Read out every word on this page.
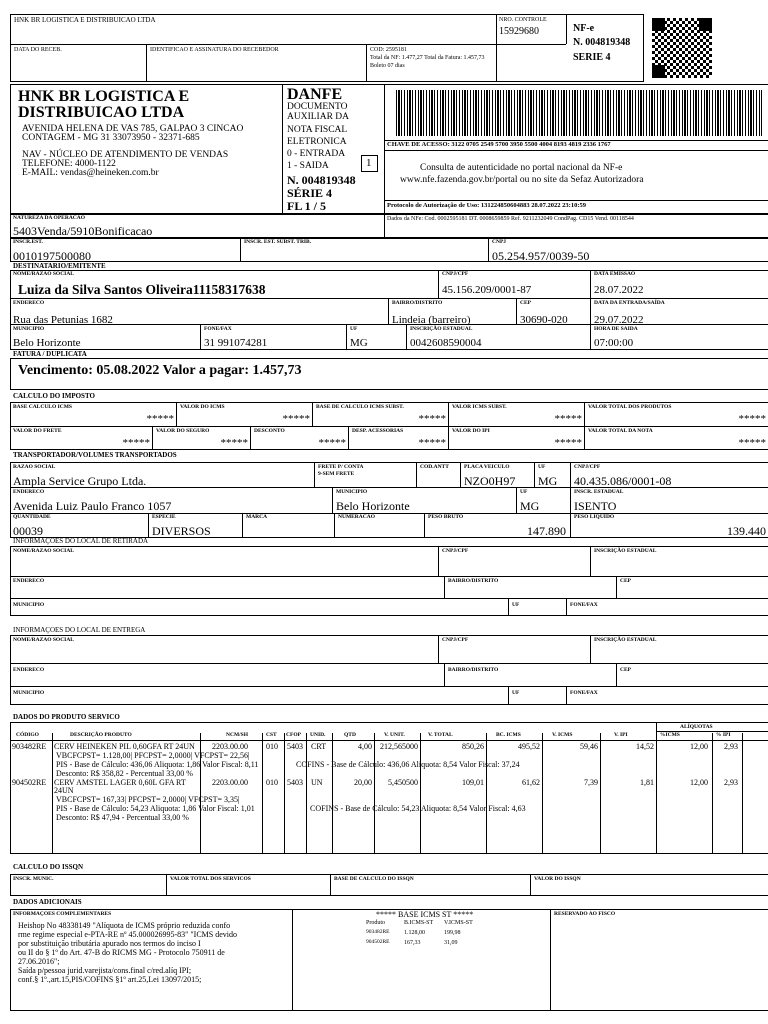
HNK BR LOGISTICA E DISTRIBUICAO LTDA	NRO. CONTROLE
15929680
DATA DO RECEB.	IDENTIFICAO E ASSINATURA DO RECEBEDOR	COD: 2595181
Total da NF: 1.477,27 Total da Fatura: 1.457,73
Boleto 07 dias
NF-e
N. 004819348
SERIE 4
HNK BR LOGISTICA E
DISTRIBUICAO LTDA
AVENIDA HELENA DE VAS 785, GALPAO 3 CINCAO
CONTAGEM - MG 31 33073950 - 32371-685
NAV - NÚCLEO DE ATENDIMENTO DE VENDAS
TELEFONE: 4000-1122
E-MAIL: vendas@heineken.com.br
DANFE
DOCUMENTO
AUXILIAR DA
NOTA FISCAL
ELETRONICA
0 - ENTRADA
1 - SAIDA	1
N. 004819348
SÉRIE 4
FL 1 / 5
CHAVE DE ACESSO: 3122 0705 2549 5700 3950 5500 4004 8193 4819 2336 1767
Consulta de autenticidade no portal nacional da NF-e
www.nfe.fazenda.gov.br/portal ou no site da Sefaz Autorizadora
Protocolo de Autorização de Uso: 131224850604883 28.07.2022 23:10:59
NATUREZA DA OPERACAO
5403Venda/5910Bonificacao
Dados da NFe: Cod. 0002595181 DT. 0008659859 Ref. 9211232049 CondPag. CD15 Vend. 00118544
INSCR.EST.
0010197500080
INSCR. EST. SUBST. TRIB.	CNPJ
05.254.957/0039-50
DESTINATARIO/EMITENTE
NOME/RAZAO SOCIAL
Luiza da Silva Santos Oliveira11158317638
CNPJ/CPF
45.156.209/0001-87
DATA EMISSAO
28.07.2022
ENDERECO
Rua das Petunias 1682
BAIRRO/DISTRITO
Lindeia (barreiro)
CEP
30690-020
DATA DA ENTRADA/SAÍDA
29.07.2022
MUNICIPIO
Belo Horizonte
FONE/FAX
31 991074281
UF
MG
INSCRIÇÃO ESTADUAL
0042608590004
HORA DE SAIDA
07:00:00
FATURA / DUPLICATA
Vencimento: 05.08.2022 Valor a pagar: 1.457,73
CALCULO DO IMPOSTO
BASE CALCULO ICMS
*****
VALOR DO ICMS
*****
BASE DE CALCULO ICMS SUBST.
*****
VALOR ICMS SUBST.
*****
VALOR TOTAL DOS PRODUTOS
*****
VALOR DO FRETE
*****
VALOR DO SEGURO
*****
DESCONTO
*****
DESP. ACESSORIAS
*****
VALOR DO IPI
*****
VALOR TOTAL DA NOTA
*****
TRANSPORTADOR/VOLUMES TRANSPORTADOS
RAZAO SOCIAL
Ampla Service Grupo Ltda.
FRETE P/ CONTA
9-SEM FRETE
COD.ANTT	PLACA VEICULO
NZO0H97
UF
MG
CNPJ/CPF
40.435.086/0001-08
ENDERECO
Avenida Luiz Paulo Franco 1057
MUNICIPIO
Belo Horizonte
UF
MG
INSCR. ESTADUAL
ISENTO
QUANTIDADE
00039
ESPECIE
DIVERSOS
MARCA	NUMERACAO	PESO BRUTO
147.890
PESO LIQUIDO
139.440
INFORMAÇOES DO LOCAL DE RETIRADA
NOME/RAZAO SOCIAL	CNPJ/CPF	INSCRIÇÃO ESTADUAL
ENDERECO	BAIRRO/DISTRITO	CEP
MUNICIPIO	UF	FONE/FAX
INFORMAÇOES DO LOCAL DE ENTREGA
NOME/RAZAO SOCIAL	CNPJ/CPF	INSCRIÇÃO ESTADUAL
ENDERECO	BAIRRO/DISTRITO	CEP
MUNICIPIO	UF	FONE/FAX
DADOS DO PRODUTO SERVICO
ALÍQUOTAS
CÓDIGO	DESCRIÇÃO PRODUTO	NCM/SH	CST CFOP UNID.	QTD	V. UNIT.	V. TOTAL	BC. ICMS	V. ICMS	V. IPI	%ICMS	% IPI
903482RE CERV HEINEKEN PIL 0,60GFA RT 24UN 2203.00.00 010 5403 CRT	4,00	212,565000	850,26	495,52	59,46	14,52	12,00	2,93
VBCFCPST= 1.128,00| PFCPST= 2,0000| VFCPST= 22,56|
PIS - Base de Cálculo: 436,06 Aliquota: 1,86 Valor Fiscal: 8,11	COFINS - Base de Cálculo: 436,06 Aliquota: 8,54 Valor Fiscal: 37,24
Desconto: R$ 358,82 - Percentual 33,00 %
904502RE CERV AMSTEL LAGER 0,60L GFA RT
24UN
2203.00.00 010 5403 UN	20,00	5,450500	109,01	61,62	7,39	1,81	12,00	2,93
VBCFCPST= 167,33| PFCPST= 2,0000| VFCPST= 3,35|
PIS - Base de Cálculo: 54,23 Aliquota: 1,86 Valor Fiscal: 1,01	COFINS - Base de Cálculo: 54,23 Aliquota: 8,54 Valor Fiscal: 4,63
Desconto: R$ 47,94 - Percentual 33,00 %
CALCULO DO ISSQN
INSCR. MUNIC.	VALOR TOTAL DOS SERVICOS	BASE DE CALCULO DO ISSQN	VALOR DO ISSQN
DADOS ADICIONAIS
INFORMAÇOES COMPLEMENTARES
Heishop No 48338149 "Alíquota de ICMS próprio reduzida confo
rme regime especial e-PTA-RE nº 45.000026995-83" "ICMS devido
por substituição tributária apurado nos termos do inciso I
ou II do § 1º do Art. 47-B do RICMS MG - Protocolo 750911 de
27.06.2016";
Saída p/pessoa jurid.varejista/cons.final c/red.alíq IPI;
conf.§ 1º.,art.15,PIS/COFINS §1º art.25,Lei 13097/2015;
***** BASE ICMS ST *****
Produto	B.ICMS-ST V.ICMS-ST
903482RE 1.128,00	199,98
904502RE 167,33	31,09
RESERVADO AO FISCO
